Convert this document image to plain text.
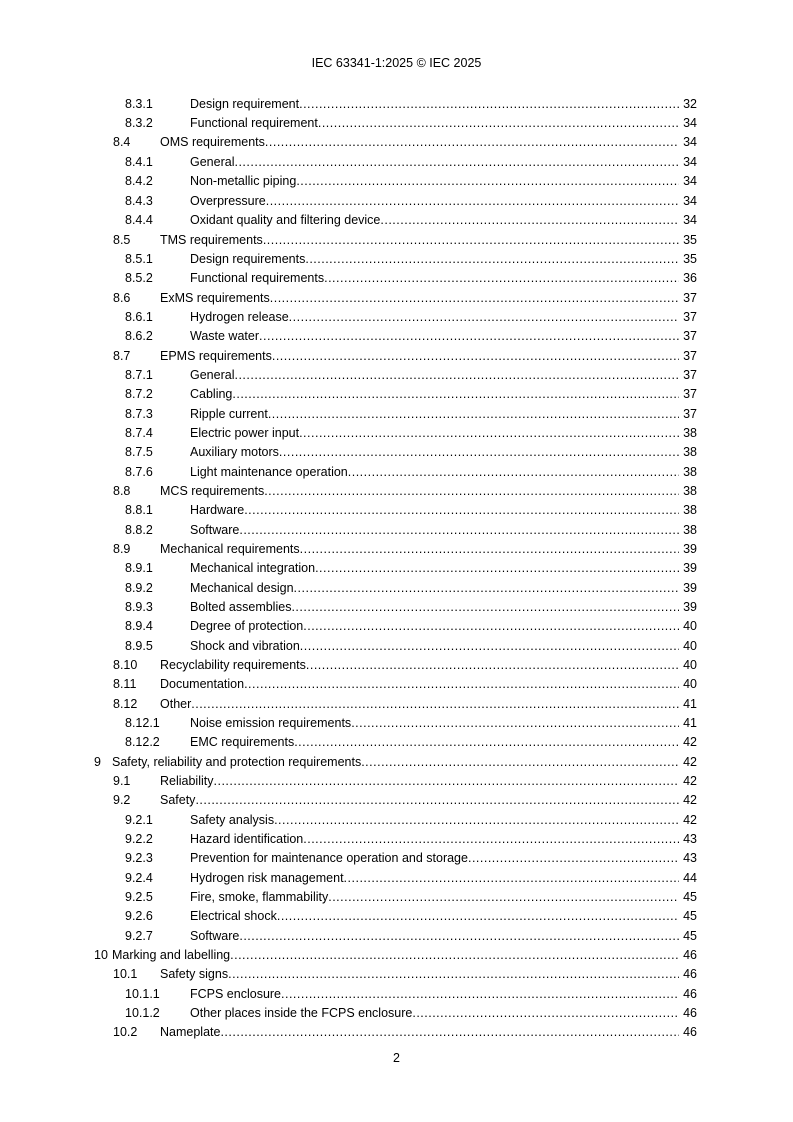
IEC 63341-1:2025 © IEC 2025
8.3.1	Design requirement .....	32
8.3.2	Functional requirement .....	34
8.4 OMS requirements .....	34
8.4.1	General .....	34
8.4.2	Non-metallic piping .....	34
8.4.3	Overpressure .....	34
8.4.4	Oxidant quality and filtering device .....	34
8.5 TMS requirements .....	35
8.5.1	Design requirements .....	35
8.5.2	Functional requirements .....	36
8.6 ExMS requirements .....	37
8.6.1	Hydrogen release .....	37
8.6.2	Waste water .....	37
8.7 EPMS requirements .....	37
8.7.1	General .....	37
8.7.2	Cabling .....	37
8.7.3	Ripple current .....	37
8.7.4	Electric power input .....	38
8.7.5	Auxiliary motors .....	38
8.7.6	Light maintenance operation .....	38
8.8 MCS requirements .....	38
8.8.1	Hardware .....	38
8.8.2	Software .....	38
8.9 Mechanical requirements .....	39
8.9.1	Mechanical integration .....	39
8.9.2	Mechanical design .....	39
8.9.3	Bolted assemblies .....	39
8.9.4	Degree of protection .....	40
8.9.5	Shock and vibration .....	40
8.10 Recyclability requirements .....	40
8.11 Documentation .....	40
8.12 Other .....	41
8.12.1 Noise emission requirements .....	41
8.12.2 EMC requirements .....	42
9 Safety, reliability and protection requirements .....	42
9.1 Reliability .....	42
9.2 Safety .....	42
9.2.1	Safety analysis .....	42
9.2.2	Hazard identification .....	43
9.2.3	Prevention for maintenance operation and storage .....	43
9.2.4	Hydrogen risk management .....	44
9.2.5	Fire, smoke, flammability .....	45
9.2.6	Electrical shock .....	45
9.2.7	Software .....	45
10 Marking and labelling .....	46
10.1 Safety signs .....	46
10.1.1 FCPS enclosure .....	46
10.1.2 Other places inside the FCPS enclosure .....	46
10.2 Nameplate .....	46
2
